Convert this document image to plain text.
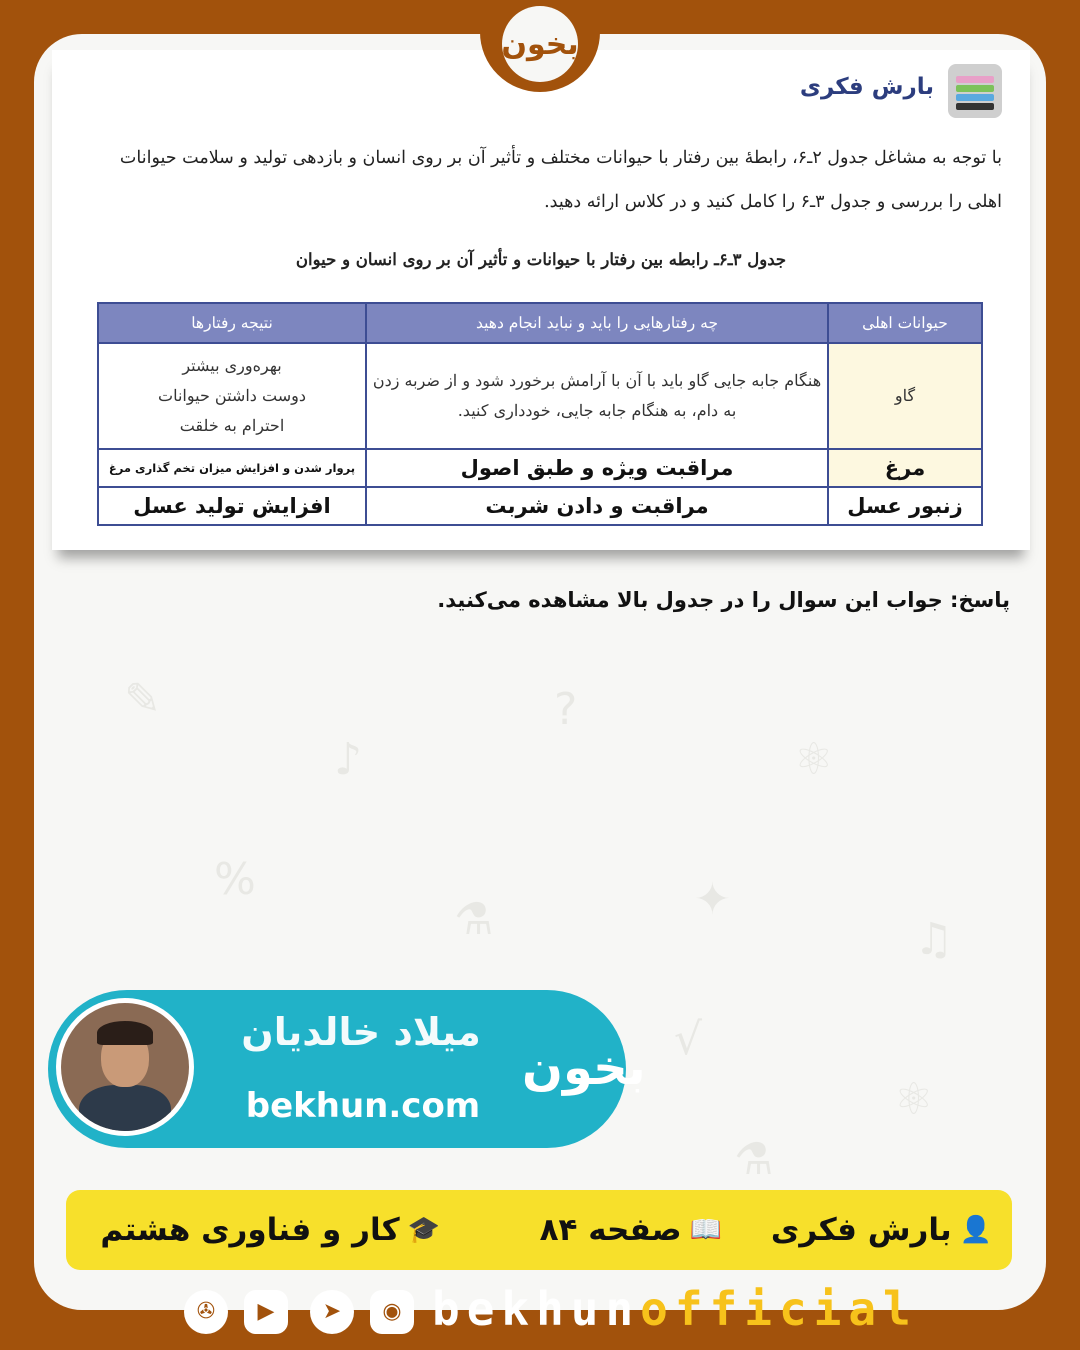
✎
♪
?
⚛
%
⚗	✦
♫
√
⚛
⚗
بخون
بارش فکری
با توجه به مشاغل جدول ۲ـ۶، رابطهٔ بین رفتار با حیوانات مختلف و تأثیر آن بر روی انسان و بازدهی تولید و سلامت حیوانات
اهلی را بررسی و جدول ۳ـ۶ را کامل کنید و در کلاس ارائه دهید.
جدول ۳ـ۶ـ رابطه بین رفتار با حیوانات و تأثیر آن بر روی انسان و حیوان
حیوانات اهلی	چه رفتارهایی را باید و نباید انجام دهید	نتیجه رفتارها
گاو	هنگام جابه جایی گاو باید با آن با آرامش برخورد شود و از ضربه زدن به دام، به هنگام جابه جایی، خودداری کنید.	بهره‌وری بیشتر
دوست داشتن حیوانات
احترام به خلقت

مرغ	مراقبت ویژه و طبق اصول	پروار شدن و افزایش میزان تخم گذاری مرغ
زنبور عسل	مراقبت و دادن شربت	افزایش تولید عسل
پاسخ: جواب این سوال را در جدول بالا مشاهده می‌کنید.
میلاد خالدیان
bekhun.com
بخون
👤
بارش فکری
📖
صفحه ۸۴
🎓
کار و فناوری هشتم
✇	▶	➤	◉ bekhunofficial
